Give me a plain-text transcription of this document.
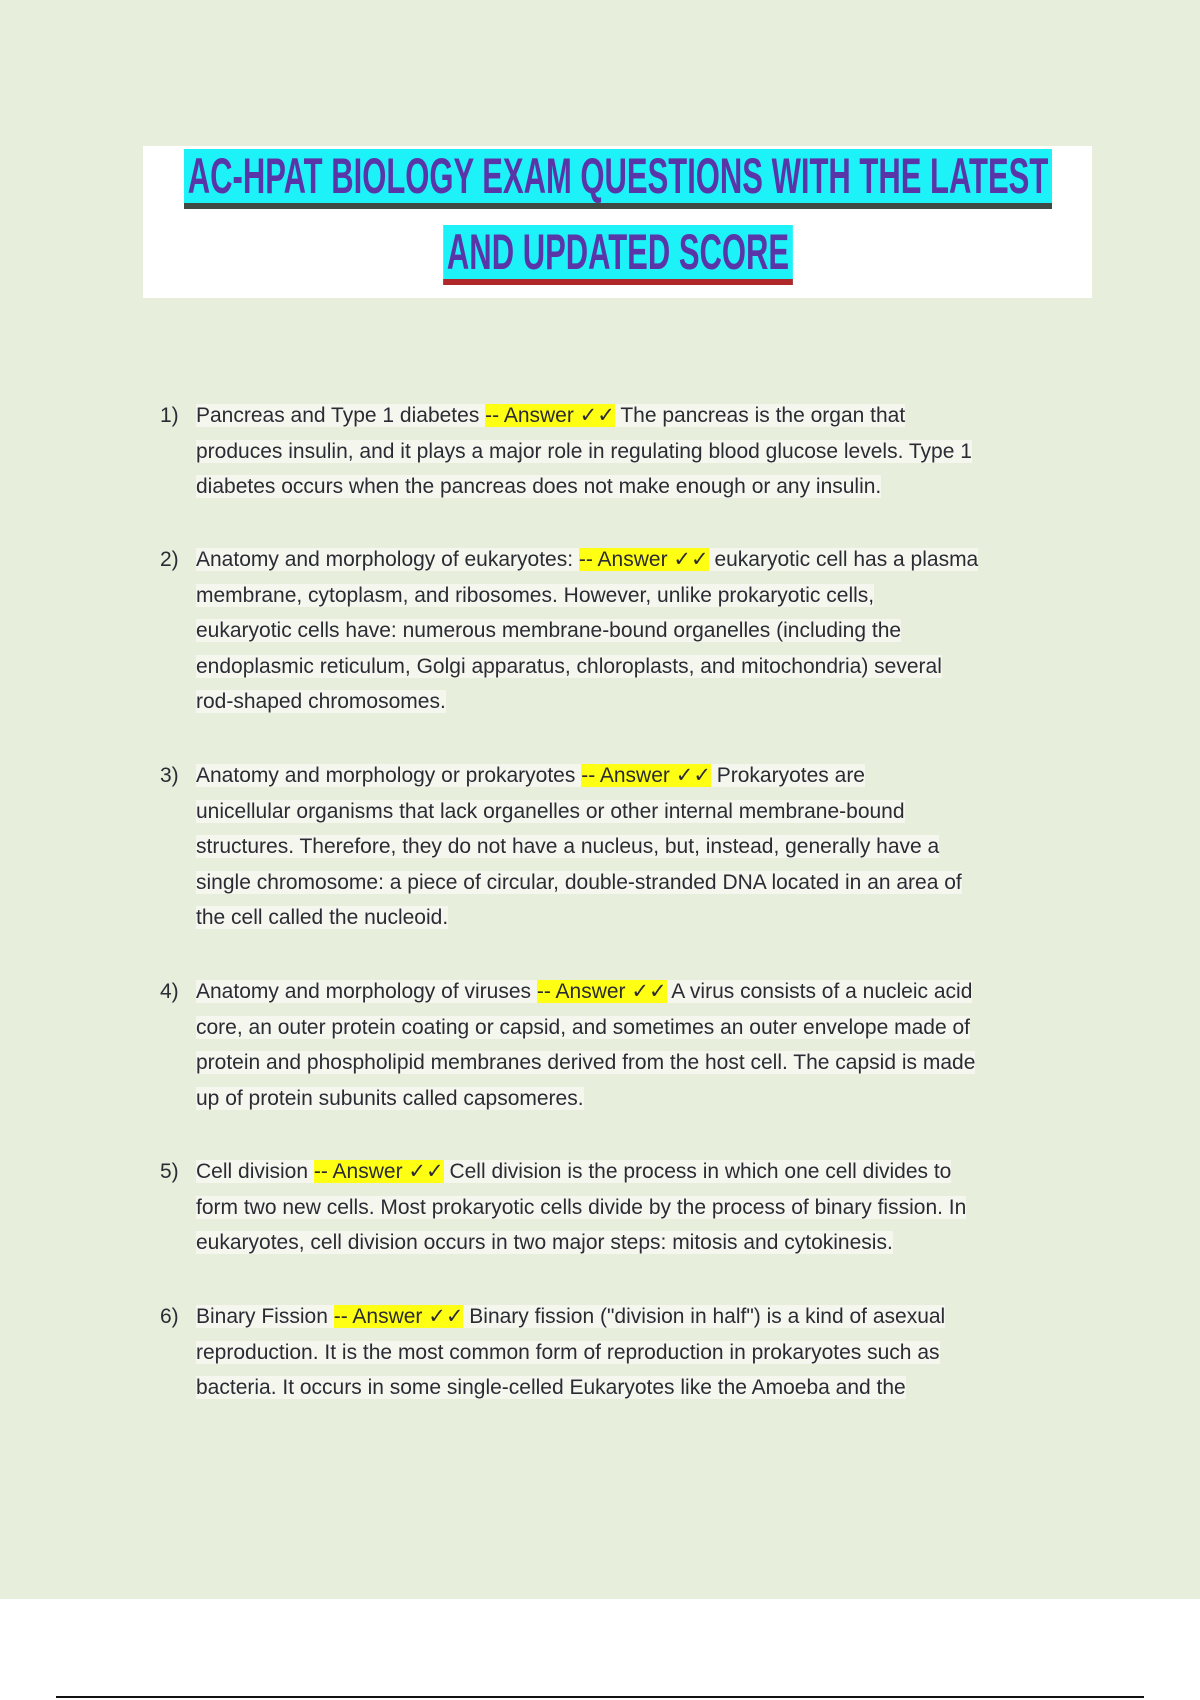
AC-HPAT BIOLOGY EXAM QUESTIONS WITH THE LATEST
AND UPDATED SCORE
1) Pancreas and Type 1 diabetes -- Answer ✓✓ The pancreas is the organ that
produces insulin, and it plays a major role in regulating blood glucose levels. Type 1
diabetes occurs when the pancreas does not make enough or any insulin.
2) Anatomy and morphology of eukaryotes: -- Answer ✓✓ eukaryotic cell has a plasma
membrane, cytoplasm, and ribosomes. However, unlike prokaryotic cells,
eukaryotic cells have: numerous membrane-bound organelles (including the
endoplasmic reticulum, Golgi apparatus, chloroplasts, and mitochondria) several
rod-shaped chromosomes.
3) Anatomy and morphology or prokaryotes -- Answer ✓✓ Prokaryotes are
unicellular organisms that lack organelles or other internal membrane-bound
structures. Therefore, they do not have a nucleus, but, instead, generally have a
single chromosome: a piece of circular, double-stranded DNA located in an area of
the cell called the nucleoid.
4) Anatomy and morphology of viruses -- Answer ✓✓ A virus consists of a nucleic acid
core, an outer protein coating or capsid, and sometimes an outer envelope made of
protein and phospholipid membranes derived from the host cell. The capsid is made
up of protein subunits called capsomeres.
5) Cell division -- Answer ✓✓ Cell division is the process in which one cell divides to
form two new cells. Most prokaryotic cells divide by the process of binary fission. In
eukaryotes, cell division occurs in two major steps: mitosis and cytokinesis.
6) Binary Fission -- Answer ✓✓ Binary fission ("division in half") is a kind of asexual
reproduction. It is the most common form of reproduction in prokaryotes such as
bacteria. It occurs in some single-celled Eukaryotes like the Amoeba and the
